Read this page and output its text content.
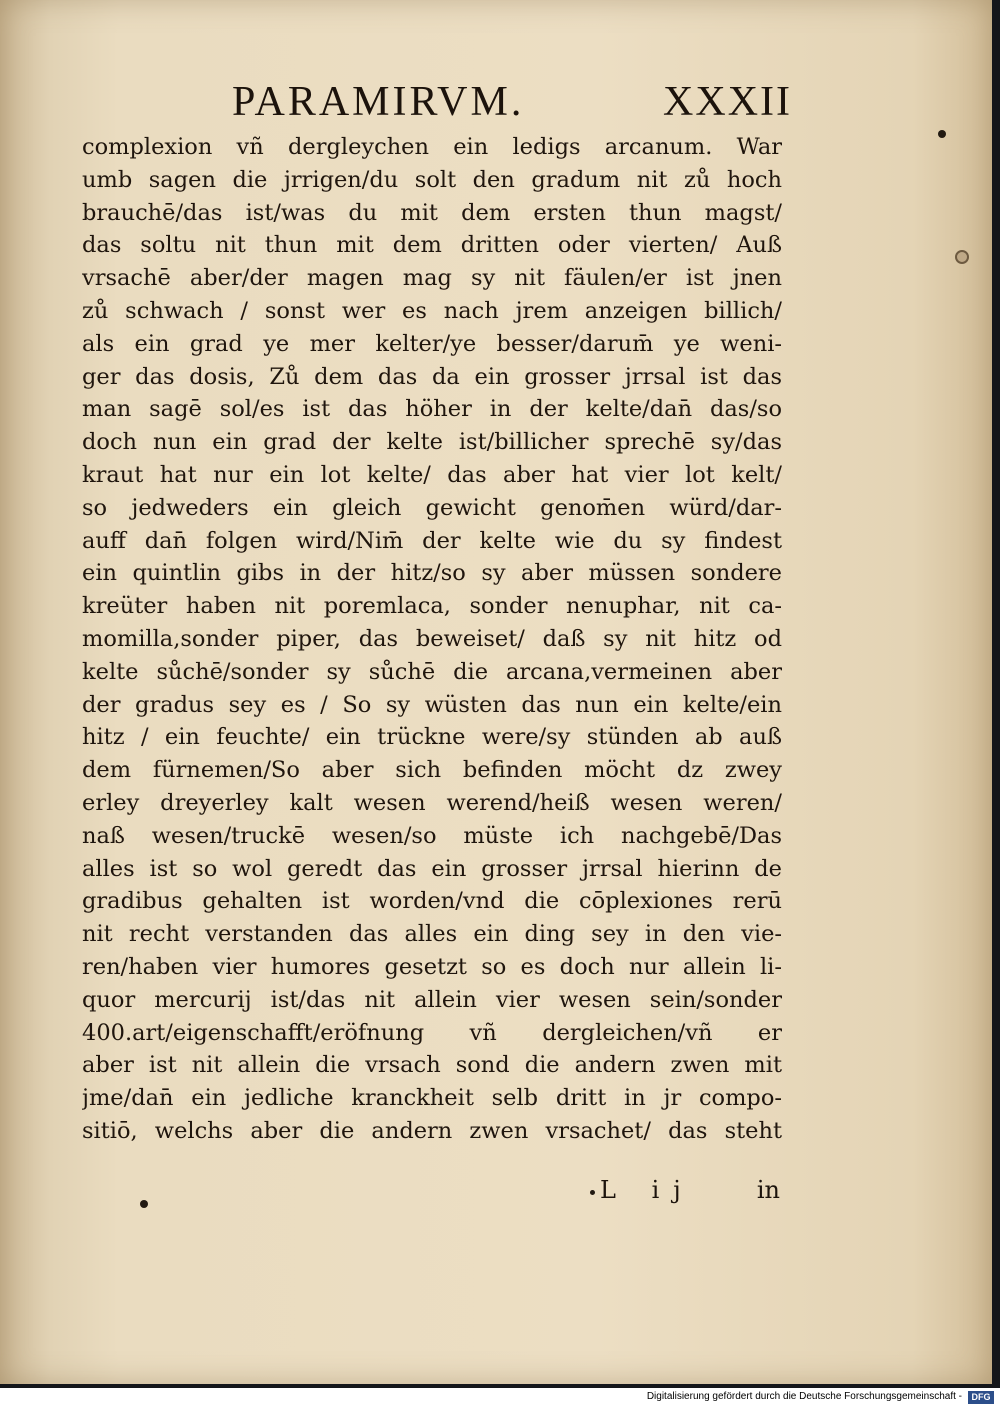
PARAMIRVM.	XXXII
complexion vñ dergleychen ein ledigs arcanum. War
umb sagen die jrrigen/du solt den gradum nit zů hoch
brauchē/das ist/was du mit dem ersten thun magst/
das soltu nit thun mit dem dritten oder vierten/ Auß
vrsachē aber/der magen mag sy nit fäulen/er ist jnen
zů schwach / sonst wer es nach jrem anzeigen billich/
als ein grad ye mer kelter/ye besser/darum̄ ye weni-
ger das dosis, Zů dem das da ein grosser jrrsal ist das
man sagē sol/es ist das höher in der kelte/dan̄ das/so
doch nun ein grad der kelte ist/billicher sprechē sy/das
kraut hat nur ein lot kelte/ das aber hat vier lot kelt/
so jedweders ein gleich gewicht genom̄en würd/dar-
auff dan̄ folgen wird/Nim̄ der kelte wie du sy findest
ein quintlin gibs in der hitz/so sy aber müssen sondere
kreüter haben nit poremlaca, sonder nenuphar, nit ca-
momilla,sonder piper, das beweiset/ daß sy nit hitz od
kelte sůchē/sonder sy sůchē die arcana,vermeinen aber
der gradus sey es / So sy wüsten das nun ein kelte/ein
hitz / ein feuchte/ ein trückne were/sy stünden ab auß
dem fürnemen/So aber sich befinden möcht dz zwey
erley dreyerley kalt wesen werend/heiß wesen weren/
naß wesen/truckē wesen/so müste ich nachgebē/Das
alles ist so wol geredt das ein grosser jrrsal hierinn de
gradibus gehalten ist worden/vnd die cōplexiones rerū
nit recht verstanden das alles ein ding sey in den vie-
ren/haben vier humores gesetzt so es doch nur allein li-
quor mercurij ist/das nit allein vier wesen sein/sonder
400.art/eigenschafft/eröfnung vñ dergleichen/vñ er
aber ist nit allein die vrsach sond die andern zwen mit
jme/dan̄ ein jedliche kranckheit selb dritt in jr compo-
sitiō, welchs aber die andern zwen vrsachet/ das steht
L ij	in
Digitalisierung gefördert durch die Deutsche Forschungsgemeinschaft -	DFG
